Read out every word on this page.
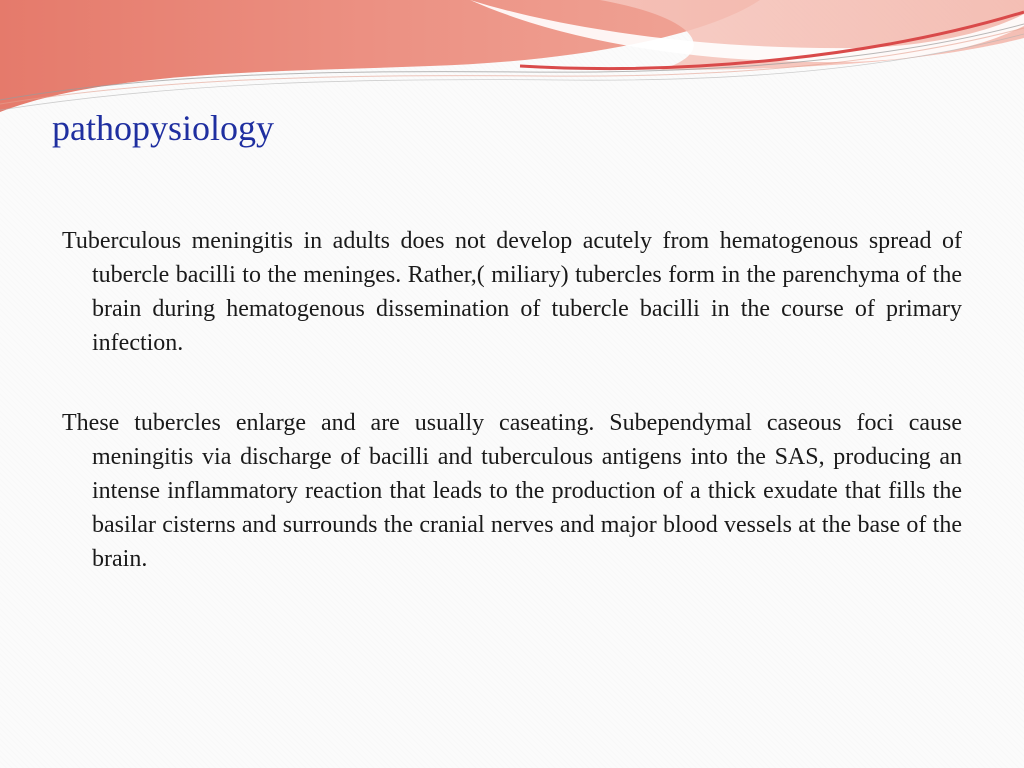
pathopysiology

Tuberculous meningitis in adults does not develop acutely from hematogenous spread of tubercle bacilli to the meninges. Rather,( miliary) tubercles form in the parenchyma of the brain during hematogenous dissemination of tubercle bacilli in the course of primary infection.

These tubercles enlarge and are usually caseating. Subependymal caseous foci cause meningitis via discharge of bacilli and tuberculous antigens into the SAS, producing an intense inflammatory reaction that leads to the production of a thick exudate that fills the basilar cisterns and surrounds the cranial nerves and major blood vessels at the base of the brain.
